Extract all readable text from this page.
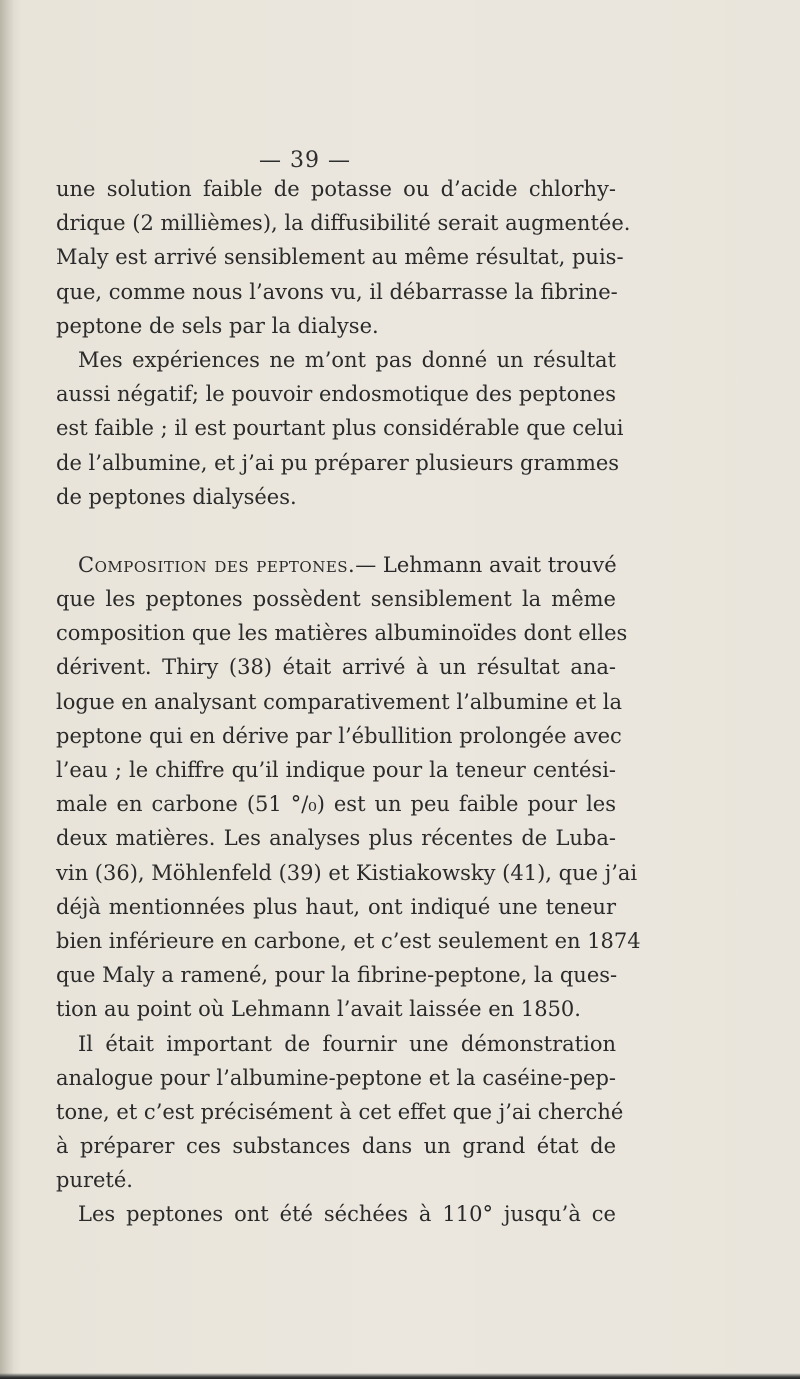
— 39 —
une solution faible de potasse ou d’acide chlorhy-
drique (2 millièmes), la diffusibilité serait augmentée.
Maly est arrivé sensiblement au même résultat, puis-
que, comme nous l’avons vu, il débarrasse la fibrine-
peptone de sels par la dialyse.
Mes expériences ne m’ont pas donné un résultat
aussi négatif; le pouvoir endosmotique des peptones
est faible ; il est pourtant plus considérable que celui
de l’albumine, et j’ai pu préparer plusieurs grammes
de peptones dialysées.
Composition des peptones.— Lehmann avait trouvé
que les peptones possèdent sensiblement la même
composition que les matières albuminoïdes dont elles
dérivent. Thiry (38) était arrivé à un résultat ana-
logue en analysant comparativement l’albumine et la
peptone qui en dérive par l’ébullition prolongée avec
l’eau ; le chiffre qu’il indique pour la teneur centési-
male en carbone (51 °/₀) est un peu faible pour les
deux matières. Les analyses plus récentes de Luba-
vin (36), Möhlenfeld (39) et Kistiakowsky (41), que j’ai
déjà mentionnées plus haut, ont indiqué une teneur
bien inférieure en carbone, et c’est seulement en 1874
que Maly a ramené, pour la fibrine-peptone, la ques-
tion au point où Lehmann l’avait laissée en 1850.
Il était important de fournir une démonstration
analogue pour l’albumine-peptone et la caséine-pep-
tone, et c’est précisément à cet effet que j’ai cherché
à préparer ces substances dans un grand état de
pureté.
Les peptones ont été séchées à 110° jusqu’à ce
